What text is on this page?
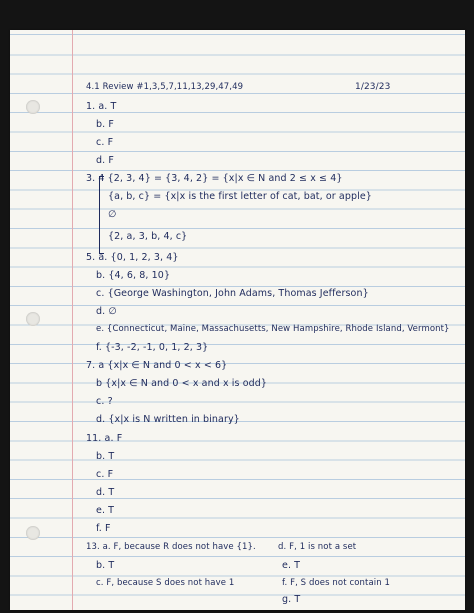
4.1 Review #1,3,5,7,11,13,29,47,49	1/23/23
1. a. T
b. F
c. F
d. F
3. 4 {2, 3, 4} = {3, 4, 2} = {x|x ∈ N and 2 ≤ x ≤ 4}
{a, b, c} = {x|x is the first letter of cat, bat, or apple}
∅
{2, a, 3, b, 4, c}
5. a. {0, 1, 2, 3, 4}
b. {4, 6, 8, 10}
c. {George Washington, John Adams, Thomas Jefferson}
d. ∅
e. {Connecticut, Maine, Massachusetts, New Hampshire, Rhode Island, Vermont}
f. {-3, -2, -1, 0, 1, 2, 3}
7. a {x|x ∈ N and 0 < x < 6}
b {x|x ∈ N and 0 < x and x is odd}
c. ?
d. {x|x is N written in binary}
11. a. F
b. T
c. F
d. T
e. T
f. F
13. a. F, because R does not have {1}.
b. T
c. F, because S does not have 1
d. F, 1 is not a set
e. T
f. F, S does not contain 1
g. T
